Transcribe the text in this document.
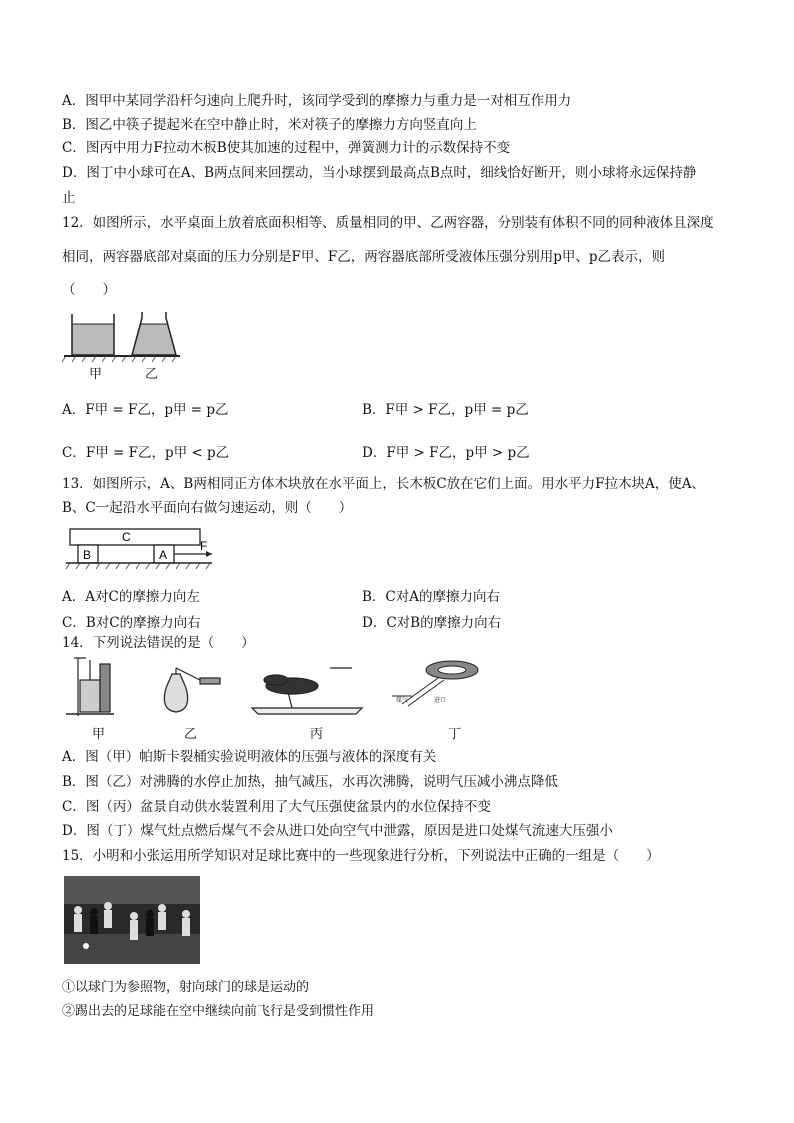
A．图甲中某同学沿杆匀速向上爬升时，该同学受到的摩擦力与重力是一对相互作用力
B．图乙中筷子提起米在空中静止时，米对筷子的摩擦力方向竖直向上
C．图丙中用力F拉动木板B使其加速的过程中，弹簧测力计的示数保持不变
D．图丁中小球可在A、B两点间来回摆动，当小球摆到最高点B点时，细线恰好断开，则小球将永远保持静
止
12．如图所示，水平桌面上放着底面积相等、质量相同的甲、乙两容器，分别装有体积不同的同种液体且深度
相同，两容器底部对桌面的压力分别是F甲、F乙，两容器底部所受液体压强分别用p甲、p乙表示，则
（　　）
甲	乙
A．F甲 = F乙，p甲 = p乙	B．F甲 > F乙，p甲 = p乙
C．F甲 = F乙，p甲 < p乙	D．F甲 > F乙，p甲 > p乙
13．如图所示，A、B两相同正方体木块放在水平面上，长木板C放在它们上面。用水平力F拉木块A，使A、
B、C一起沿水平面向右做匀速运动，则（　　）
C
B	A
F
A．A对C的摩擦力向左	B．C对A的摩擦力向右
C．B对C的摩擦力向右	D．C对B的摩擦力向右
14．下列说法错误的是（　　）
煤气	进口
甲	乙	丙	丁
A．图（甲）帕斯卡裂桶实验说明液体的压强与液体的深度有关
B．图（乙）对沸腾的水停止加热，抽气减压，水再次沸腾，说明气压减小沸点降低
C．图（丙）盆景自动供水装置利用了大气压强使盆景内的水位保持不变
D．图（丁）煤气灶点燃后煤气不会从进口处向空气中泄露，原因是进口处煤气流速大压强小
15．小明和小张运用所学知识对足球比赛中的一些现象进行分析，下列说法中正确的一组是（　　）
①以球门为参照物，射向球门的球是运动的
②踢出去的足球能在空中继续向前飞行是受到惯性作用
